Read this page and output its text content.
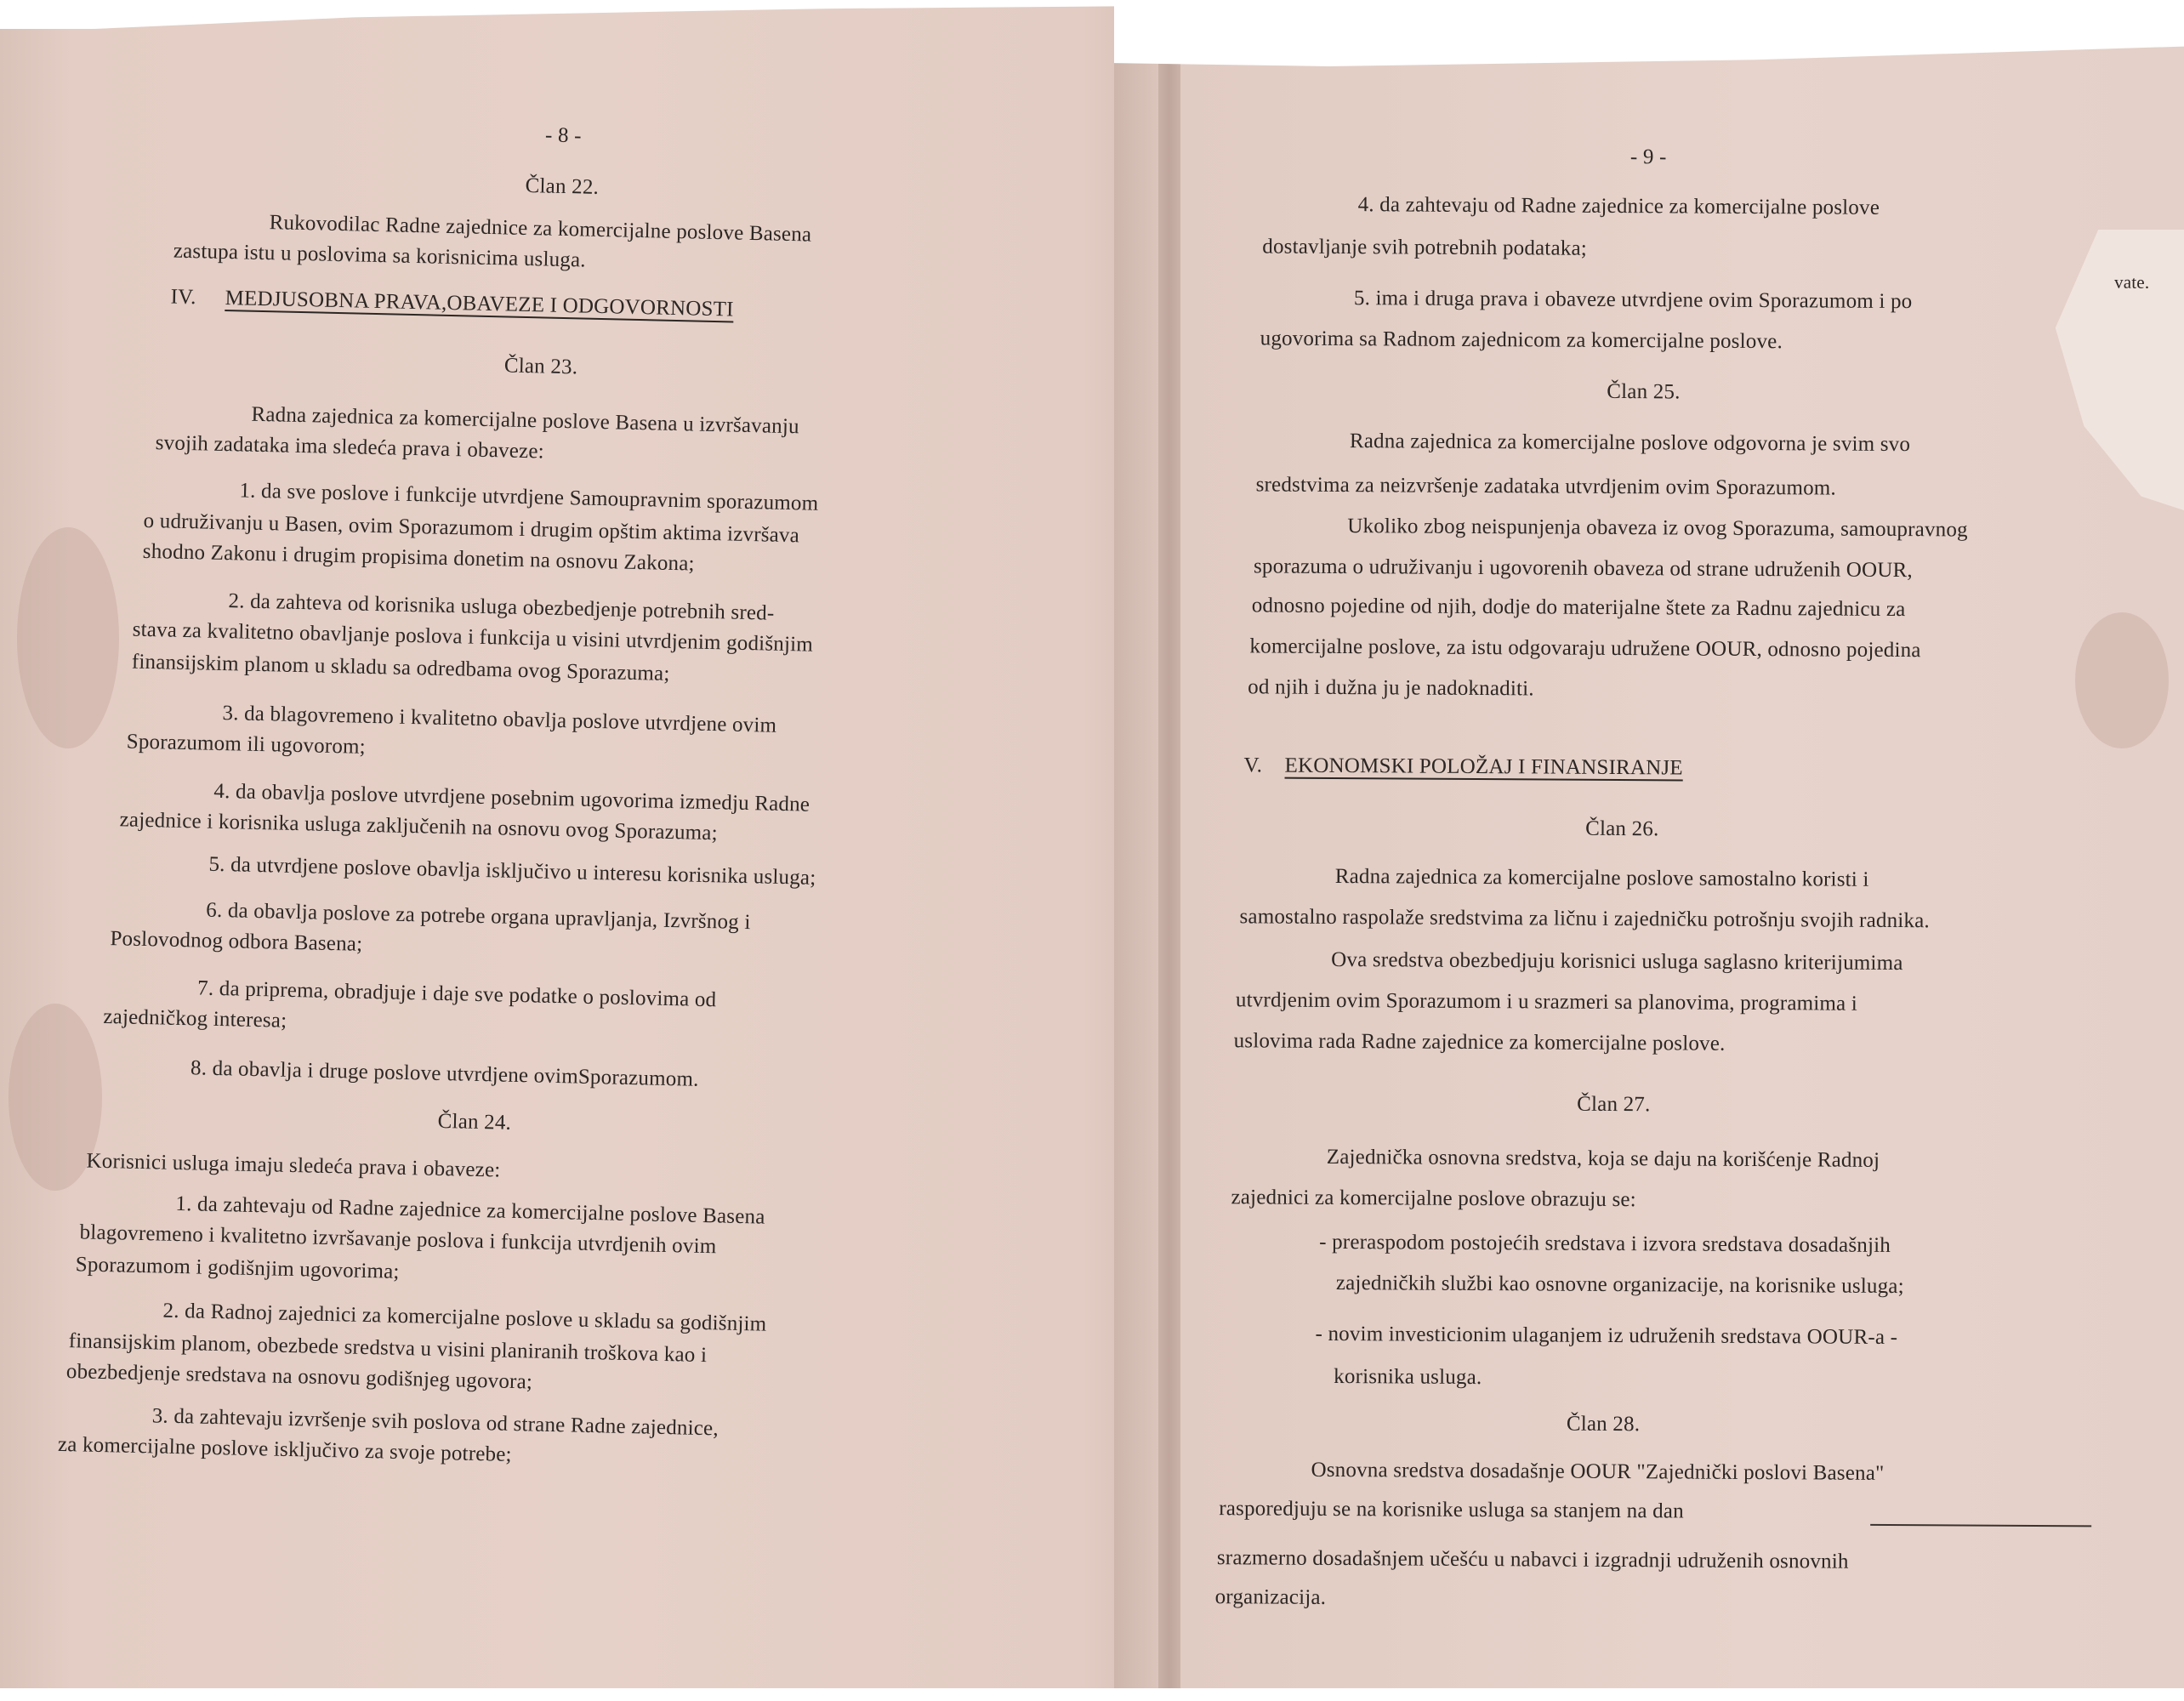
- 8 -
Član 22.
Rukovodilac Radne zajednice za komercijalne poslove Basena
zastupa istu u poslovima sa korisnicima usluga.
IV. MEDJUSOBNA PRAVA,OBAVEZE I ODGOVORNOSTI
Član 23.
Radna zajednica za komercijalne poslove Basena u izvršavanju
svojih zadataka ima sledeća prava i obaveze:
1. da sve poslove i funkcije utvrdjene Samoupravnim sporazumom
o udruživanju u Basen, ovim Sporazumom i drugim opštim aktima izvršava
shodno Zakonu i drugim propisima donetim na osnovu Zakona;
2. da zahteva od korisnika usluga obezbedjenje potrebnih sred-
stava za kvalitetno obavljanje poslova i funkcija u visini utvrdjenim godišnjim
finansijskim planom u skladu sa odredbama ovog Sporazuma;
3. da blagovremeno i kvalitetno obavlja poslove utvrdjene ovim
Sporazumom ili ugovorom;
4. da obavlja poslove utvrdjene posebnim ugovorima izmedju Radne
zajednice i korisnika usluga zaključenih na osnovu ovog Sporazuma;
5. da utvrdjene poslove obavlja isključivo u interesu korisnika usluga;
6. da obavlja poslove za potrebe organa upravljanja, Izvršnog i
Poslovodnog odbora Basena;
7. da priprema, obradjuje i daje sve podatke o poslovima od
zajedničkog interesa;
8. da obavlja i druge poslove utvrdjene ovimSporazumom.
Član 24.
Korisnici usluga imaju sledeća prava i obaveze:
1. da zahtevaju od Radne zajednice za komercijalne poslove Basena
blagovremeno i kvalitetno izvršavanje poslova i funkcija utvrdjenih ovim
Sporazumom i godišnjim ugovorima;
2. da Radnoj zajednici za komercijalne poslove u skladu sa godišnjim
finansijskim planom, obezbede sredstva u visini planiranih troškova kao i
obezbedjenje sredstava na osnovu godišnjeg ugovora;
3. da zahtevaju izvršenje svih poslova od strane Radne zajednice,
za komercijalne poslove isključivo za svoje potrebe;
- 9 -
vate.
4. da zahtevaju od Radne zajednice za komercijalne poslove
dostavljanje svih potrebnih podataka;
5. ima i druga prava i obaveze utvrdjene ovim Sporazumom i po
ugovorima sa Radnom zajednicom za komercijalne poslove.
Član 25.
Radna zajednica za komercijalne poslove odgovorna je svim svo
sredstvima za neizvršenje zadataka utvrdjenim ovim Sporazumom.
Ukoliko zbog neispunjenja obaveza iz ovog Sporazuma, samoupravnog
sporazuma o udruživanju i ugovorenih obaveza od strane udruženih OOUR,
odnosno pojedine od njih, dodje do materijalne štete za Radnu zajednicu za
komercijalne poslove, za istu odgovaraju udružene OOUR, odnosno pojedina
od njih i dužna ju je nadoknaditi.
V. EKONOMSKI POLOŽAJ I FINANSIRANJE
Član 26.
Radna zajednica za komercijalne poslove samostalno koristi i
samostalno raspolaže sredstvima za ličnu i zajedničku potrošnju svojih radnika.
Ova sredstva obezbedjuju korisnici usluga saglasno kriterijumima
utvrdjenim ovim Sporazumom i u srazmeri sa planovima, programima i
uslovima rada Radne zajednice za komercijalne poslove.
Član 27.
Zajednička osnovna sredstva, koja se daju na korišćenje Radnoj
zajednici za komercijalne poslove obrazuju se:
- preraspodom postojećih sredstava i izvora sredstava dosadašnjih
zajedničkih službi kao osnovne organizacije, na korisnike usluga;
- novim investicionim ulaganjem iz udruženih sredstava OOUR-a -
korisnika usluga.
Član 28.
Osnovna sredstva dosadašnje OOUR "Zajednički poslovi Basena"
rasporedjuju se na korisnike usluga sa stanjem na dan
srazmerno dosadašnjem učešću u nabavci i izgradnji udruženih osnovnih
organizacija.
